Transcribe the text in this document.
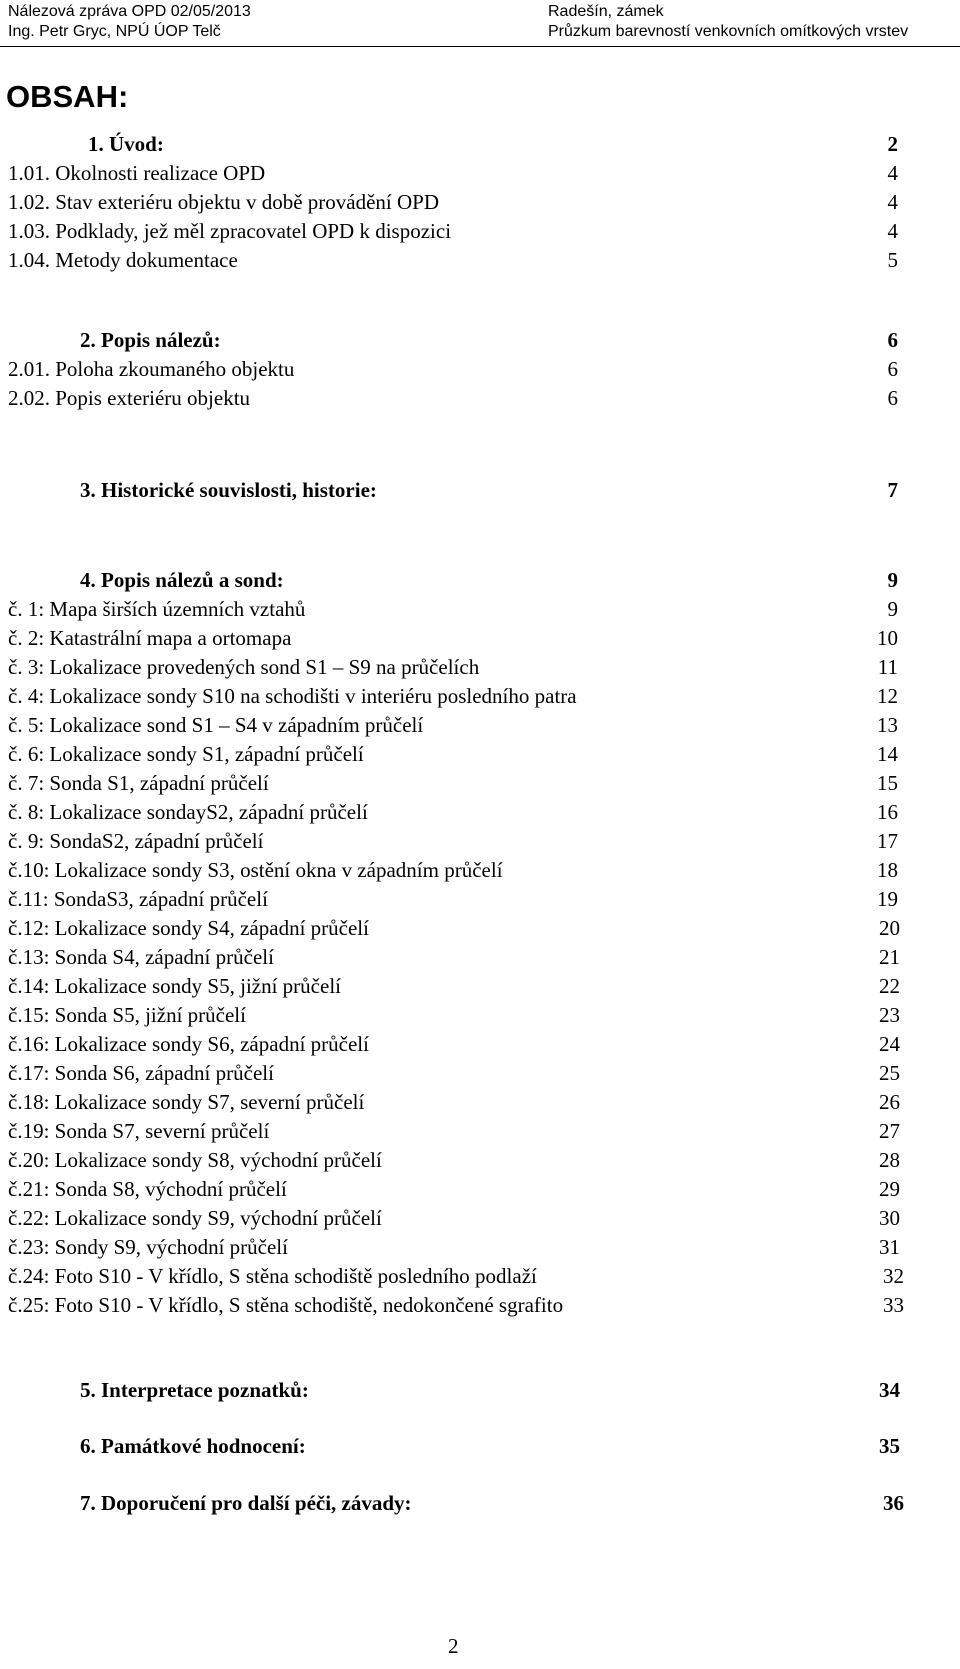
Nálezová zpráva OPD 02/05/2013
Ing. Petr Gryc, NPÚ ÚOP Telč
Radešín, zámek
Průzkum barevností venkovních omítkových vrstev
OBSAH:
1. Úvod:	2
1.01. Okolnosti realizace OPD	4
1.02. Stav exteriéru objektu v době provádění OPD	4
1.03. Podklady, jež měl zpracovatel OPD k dispozici	4
1.04. Metody dokumentace	5
2. Popis nálezů:	6
2.01. Poloha zkoumaného objektu	6
2.02. Popis exteriéru objektu	6
3. Historické souvislosti, historie:	7
4. Popis nálezů a sond:	9
č. 1: Mapa širších územních vztahů	9
č. 2: Katastrální mapa a ortomapa	10
č. 3: Lokalizace provedených sond S1 – S9 na průčelích	11
č. 4: Lokalizace sondy S10 na schodišti v interiéru posledního patra	12
č. 5: Lokalizace sond S1 – S4 v západním průčelí	13
č. 6: Lokalizace sondy S1, západní průčelí	14
č. 7: Sonda S1, západní průčelí	15
č. 8: Lokalizace sondayS2, západní průčelí	16
č. 9: SondaS2, západní průčelí	17
č.10: Lokalizace sondy S3, ostění okna v západním průčelí	18
č.11: SondaS3, západní průčelí	19
č.12: Lokalizace sondy S4, západní průčelí	20
č.13: Sonda S4, západní průčelí	21
č.14: Lokalizace sondy S5, jižní průčelí	22
č.15: Sonda S5, jižní průčelí	23
č.16: Lokalizace sondy S6, západní průčelí	24
č.17: Sonda S6, západní průčelí	25
č.18: Lokalizace sondy S7, severní průčelí	26
č.19: Sonda S7, severní průčelí	27
č.20: Lokalizace sondy S8, východní průčelí	28
č.21: Sonda S8, východní průčelí	29
č.22: Lokalizace sondy S9, východní průčelí	30
č.23: Sondy S9, východní průčelí	31
č.24: Foto S10 - V křídlo, S stěna schodiště posledního podlaží	32
č.25: Foto S10 - V křídlo, S stěna schodiště, nedokončené sgrafito	33
5. Interpretace poznatků:	34
6. Památkové hodnocení:	35
7. Doporučení pro další péči, závady:	36
2
